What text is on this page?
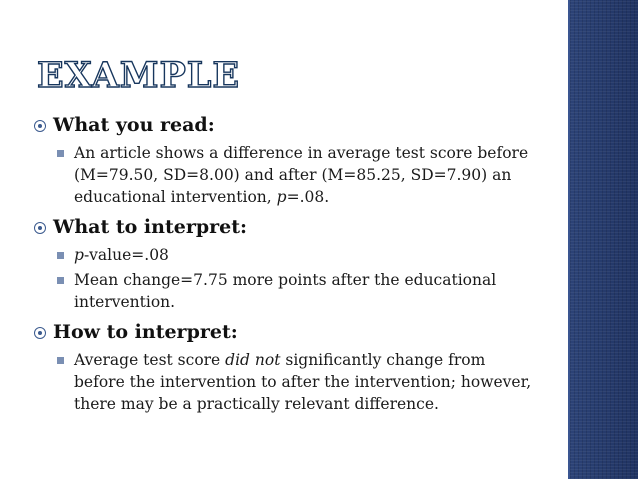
EXAMPLE
What you read:
An article shows a difference in average test score before (M=79.50, SD=8.00) and after (M=85.25, SD=7.90) an educational intervention, p=.08.
What to interpret:
p-value=.08
Mean change=7.75 more points after the educational intervention.
How to interpret:
Average test score did not significantly change from before the intervention to after the intervention; however, there may be a practically relevant difference.
